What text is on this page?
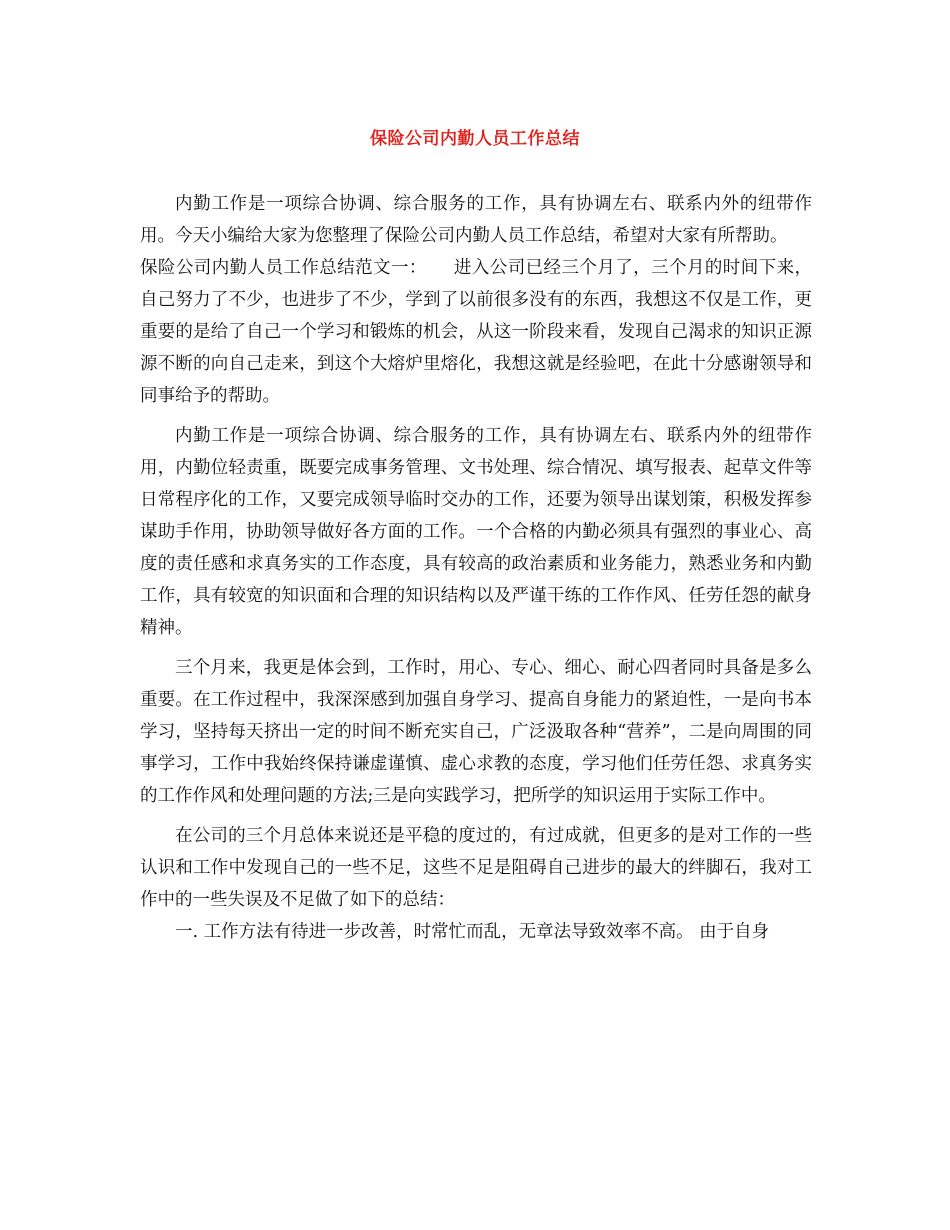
保险公司内勤人员工作总结

内勤工作是一项综合协调、综合服务的工作，具有协调左右、联系内外的纽带作用。今天小编给大家为您整理了保险公司内勤人员工作总结，希望对大家有所帮助。

保险公司内勤人员工作总结范文一：　　进入公司已经三个月了，三个月的时间下来，自己努力了不少，也进步了不少，学到了以前很多没有的东西，我想这不仅是工作，更重要的是给了自己一个学习和锻炼的机会，从这一阶段来看，发现自己渴求的知识正源源不断的向自己走来，到这个大熔炉里熔化，我想这就是经验吧，在此十分感谢领导和同事给予的帮助。

内勤工作是一项综合协调、综合服务的工作，具有协调左右、联系内外的纽带作用，内勤位轻责重，既要完成事务管理、文书处理、综合情况、填写报表、起草文件等日常程序化的工作，又要完成领导临时交办的工作，还要为领导出谋划策，积极发挥参谋助手作用，协助领导做好各方面的工作。一个合格的内勤必须具有强烈的事业心、高度的责任感和求真务实的工作态度，具有较高的政治素质和业务能力，熟悉业务和内勤工作，具有较宽的知识面和合理的知识结构以及严谨干练的工作作风、任劳任怨的献身精神。

三个月来，我更是体会到，工作时，用心、专心、细心、耐心四者同时具备是多么重要。在工作过程中，我深深感到加强自身学习、提高自身能力的紧迫性，一是向书本学习，坚持每天挤出一定的时间不断充实自己，广泛汲取各种“营养”，二是向周围的同事学习，工作中我始终保持谦虚谨慎、虚心求教的态度，学习他们任劳任怨、求真务实的工作作风和处理问题的方法;三是向实践学习，把所学的知识运用于实际工作中。

在公司的三个月总体来说还是平稳的度过的，有过成就，但更多的是对工作的一些认识和工作中发现自己的一些不足，这些不足是阻碍自己进步的最大的绊脚石，我对工作中的一些失误及不足做了如下的总结：

一. 工作方法有待进一步改善，时常忙而乱，无章法导致效率不高。 由于自身
